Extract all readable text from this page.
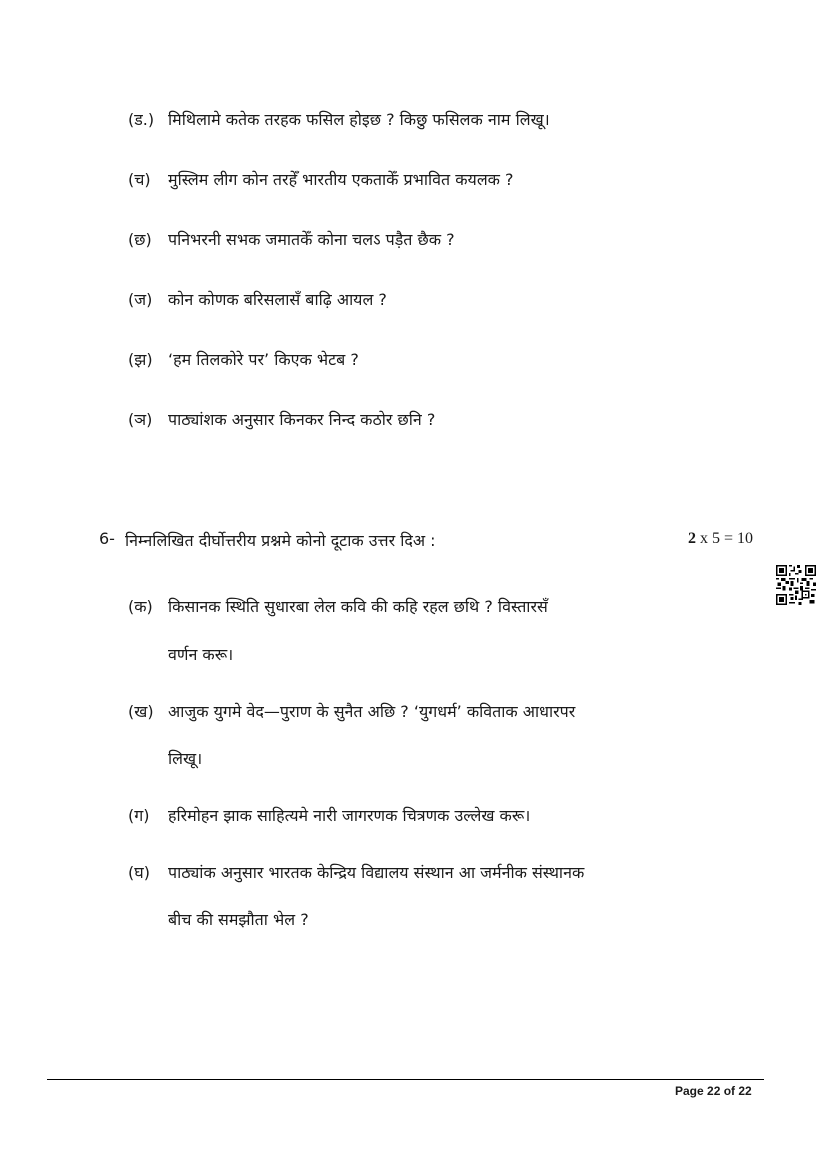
(ड.) मिथिलामे कतेक तरहक फसिल होइछ ? किछु फसिलक नाम लिखू।
(च) मुस्लिम लीग कोन तरहेँ भारतीय एकताकेँ प्रभावित कयलक ?
(छ) पनिभरनी सभक जमातकेँ कोना चलऽ पड़ैत छैक ?
(ज) कोन कोणक बरिसलासँ बाढ़ि आयल ?
(झ) ‘हम तिलकोरे पर’ किएक भेटब ?
(ञ) पाठ्यांशक अनुसार किनकर निन्द कठोर छनि ?
6- निम्नलिखित दीर्घोत्तरीय प्रश्नमे कोनो दूटाक उत्तर दिअ :	2 x 5 = 10
(क) किसानक स्थिति सुधारबा लेल कवि की कहि रहल छथि ? विस्तारसँ
वर्णन करू।
(ख) आजुक युगमे वेद—पुराण के सुनैत अछि ? ‘युगधर्म’ कविताक आधारपर
लिखू।
(ग) हरिमोहन झाक साहित्यमे नारी जागरणक चित्रणक उल्लेख करू।
(घ) पाठ्यांक अनुसार भारतक केन्द्रिय विद्यालय संस्थान आ जर्मनीक संस्थानक
बीच की समझौता भेल ?
Page 22 of 22
